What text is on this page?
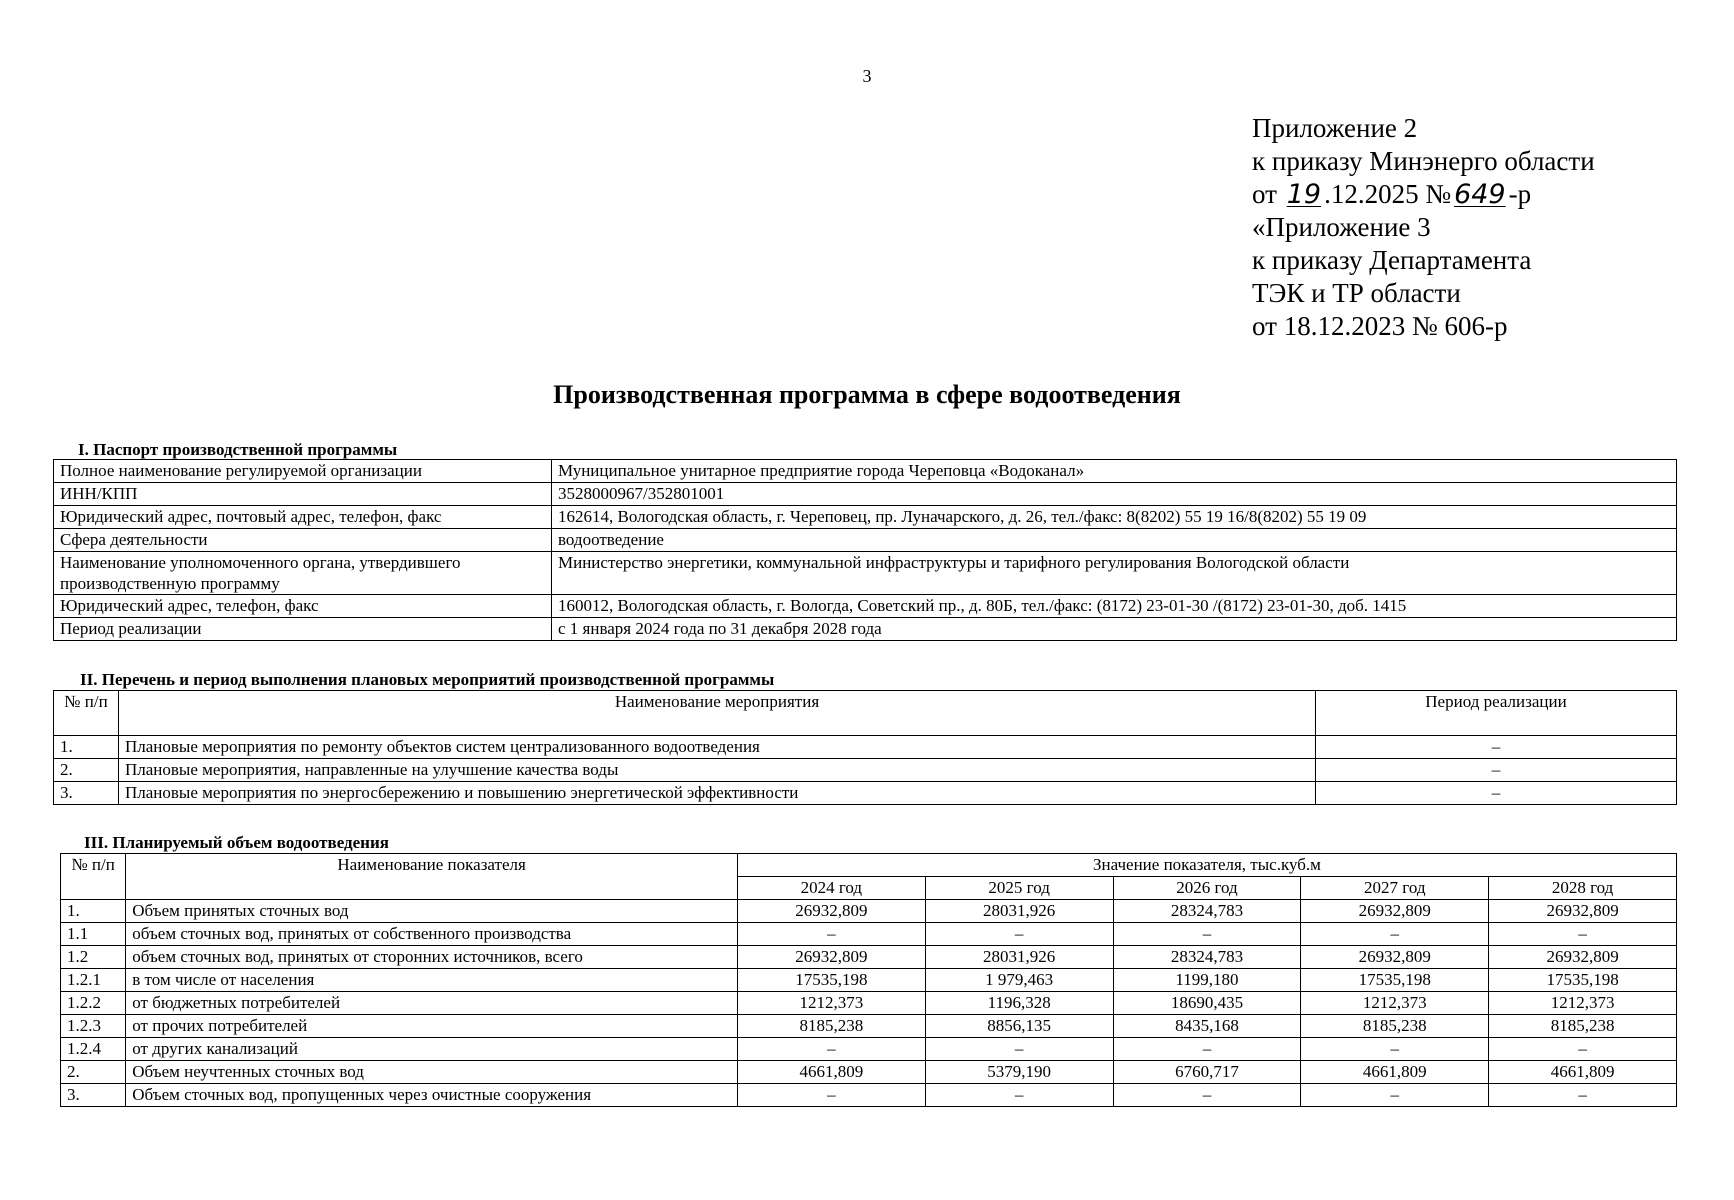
3
Приложение 2
к приказу Минэнерго области
от 19 .12.2025 № 649 -р
«Приложение 3
к приказу Департамента
ТЭК и ТР области
от 18.12.2023 № 606-р
Производственная программа в сфере водоотведения
I. Паспорт производственной программы
Полное наименование регулируемой организации	Муниципальное унитарное предприятие города Череповца «Водоканал»
ИНН/КПП	3528000967/352801001
Юридический адрес, почтовый адрес, телефон, факс	162614, Вологодская область, г. Череповец, пр. Луначарского, д. 26, тел./факс: 8(8202) 55 19 16/8(8202) 55 19 09
Сфера деятельности	водоотведение
Наименование уполномоченного органа, утвердившего производственную программу	Министерство энергетики, коммунальной инфраструктуры и тарифного регулирования Вологодской области
Юридический адрес, телефон, факс	160012, Вологодская область, г. Вологда, Советский пр., д. 80Б, тел./факс: (8172) 23-01-30 /(8172) 23-01-30, доб. 1415
Период реализации	с 1 января 2024 года по 31 декабря 2028 года
II. Перечень и период выполнения плановых мероприятий производственной программы
№ п/п	Наименование мероприятия	Период реализации
1.	Плановые мероприятия по ремонту объектов систем централизованного водоотведения	–
2.	Плановые мероприятия, направленные на улучшение качества воды	–
3.	Плановые мероприятия по энергосбережению и повышению энергетической эффективности	–
III. Планируемый объем водоотведения
№ п/п	Наименование показателя	Значение показателя, тыс.куб.м				
		2024 год	2025 год	2026 год	2027 год	2028 год
1.	Объем принятых сточных вод	26932,809	28031,926	28324,783	26932,809	26932,809
1.1	объем сточных вод, принятых от собственного производства	–	–	–	–	–
1.2	объем сточных вод, принятых от сторонних источников, всего	26932,809	28031,926	28324,783	26932,809	26932,809
1.2.1	в том числе от населения	17535,198	1 979,463	1199,180	17535,198	17535,198
1.2.2	от бюджетных потребителей	1212,373	1196,328	18690,435	1212,373	1212,373
1.2.3	от прочих потребителей	8185,238	8856,135	8435,168	8185,238	8185,238
1.2.4	от других канализаций	–	–	–	–	–
2.	Объем неучтенных сточных вод	4661,809	5379,190	6760,717	4661,809	4661,809
3.	Объем сточных вод, пропущенных через очистные сооружения	–	–	–	–	–
